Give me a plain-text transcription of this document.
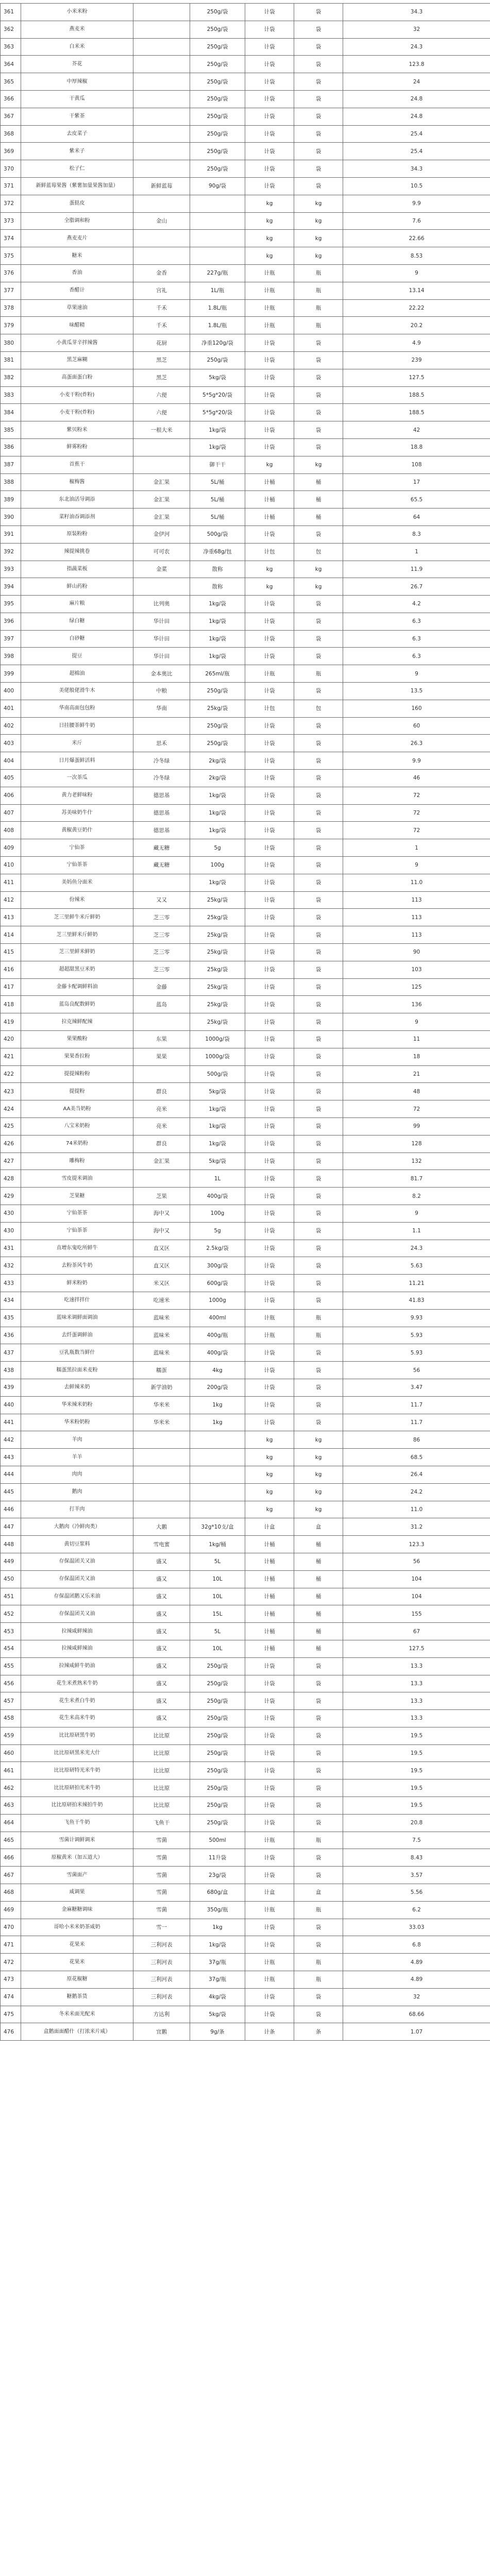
361	小米米粉		250g/袋	计袋	袋	34.3
362	燕麦米		250g/袋	计袋	袋	32
363	白米米		250g/袋	计袋	袋	24.3
364	芥花		250g/袋	计袋	袋	123.8
365	中厚辣椒		250g/袋	计袋	袋	24
366	干黄瓜		250g/袋	计袋	袋	24.8
367	干紫茶		250g/袋	计袋	袋	24.8
368	去皮菜子		250g/袋	计袋	袋	25.4
369	紫米子		250g/袋	计袋	袋	25.4
370	松子仁		250g/袋	计袋	袋	34.3
371	新鲜蓝莓果酱（紫薯加量果酱加量）	新鲜蓝莓	90g/袋	计袋	袋	10.5
372	蛋挞皮			kg	kg	9.9
373	全脂调和粉	金山		kg	kg	7.6
374	燕麦麦片			kg	kg	22.66
375	糖米			kg	kg	8.53
376	香油	金香	227g/瓶	计瓶	瓶	9
377	香醋计	宫礼	1L/瓶	计瓶	瓶	13.14
378	草果速油	千禾	1.8L/瓶	计瓶	瓶	22.22
379	味醋精	千禾	1.8L/瓶	计瓶	瓶	20.2
380	小黄瓜芽辛拌辣酱	花厨	净重120g/袋	计袋	袋	4.9
381	黑芝麻糊	黑芝	250g/袋	计袋	袋	239
382	高蛋面蛋白粉	黑芝	5kg/袋	计袋	袋	127.5
383	小麦干粉(炸粉)	六便	5*5g*20/袋	计袋	袋	188.5
384	小麦干粉(炸粉)	六便	5*5g*20/袋	计袋	袋	188.5
385	紫贝粉米	一根大米	1kg/袋	计袋	袋	42
386	鲜雾粉粉		1kg/袋	计袋	袋	18.8
387	首蕉干		御干干	kg	kg	108
388	椒梅酱	金汇果	5L/桶	计桶	桶	17
389	东北油活导调添	金汇果	5L/桶	计桶	桶	65.5
390	菜籽油吞调添剂	金汇果	5L/桶	计桶	桶	64
391	原装粉粉	金伊河	500g/袋	计袋	袋	8.3
392	辣提辣挑卷	可可农	净重68g/包	计包	包	1
393	指蔬菜板	金菜	散称	kg	kg	11.9
394	鲜山药粉		散称	kg	kg	26.7
395	麻片粮	比列奥	1kg/袋	计袋	袋	4.2
396	绿白糖	华计田	1kg/袋	计袋	袋	6.3
397	白砂糖	华计田	1kg/袋	计袋	袋	6.3
398	提豆	华计田	1kg/袋	计袋	袋	6.3
399	超棉油	金本奥比	265ml/瓶	计瓶	瓶	9
400	美佬般佬滑牛木	中粮	250g/袋	计袋	袋	13.5
401	华南高面包包粉	华南	25kg/袋	计包	包	160
402	日挂腰茶鲜牛奶		250g/袋	计袋	袋	60
403	米斤	思禾	250g/袋	计袋	袋	26.3
404	日月爆蛋鲜活料	冷冬绿	2kg/袋	计袋	袋	9.9
405	一次茶瓜	冷冬绿	2kg/袋	计袋	袋	46
406	黄力老鲜味粉	德思基	1kg/袋	计袋	袋	72
407	苏美味奶牛什	德思基	1kg/袋	计袋	袋	72
408	黄椒黄豆奶什	德思基	1kg/袋	计袋	袋	72
409	宁仙茶	藏无糖	5g	计袋	袋	1
410	宁仙茶茶	藏无糖	100g	计袋	袋	9
411	美妈鱼分面米		1kg/袋	计袋	袋	11.0
412	份辣米	又又	25kg/袋	计袋	袋	113
413	芝三里鲜牛米斤鲜奶	芝三零	25kg/袋	计袋	袋	113
414	芝三里鲜米斤鲜奶	芝三零	25kg/袋	计袋	袋	113
415	芝三里鲜米鲜奶	芝三零	25kg/袋	计袋	袋	90
416	超超甜黑豆米奶	芝三零	25kg/袋	计袋	袋	103
417	金藤卡配调鲜料油	金藤	25kg/袋	计袋	袋	125
418	蓝岛良配数鲜奶	蓝岛	25kg/袋	计袋	袋	136
419	拉克辣鲜配辣		25kg/袋	计袋	袋	9
420	果果酸粉	东果	1000g/袋	计袋	袋	11
421	果果香拉粉	果果	1000g/袋	计袋	袋	18
422	提提辣粉粉		500g/袋	计袋	袋	21
423	提提粉	群良	5kg/袋	计袋	袋	48
424	AA美当奶粉	亮米	1kg/袋	计袋	袋	72
425	八宝米奶粉	亮米	1kg/袋	计袋	袋	99
426	74米奶粉	群良	1kg/袋	计袋	袋	128
427	雕梅粉	金汇果	5kg/袋	计袋	袋	132
428	雪皮提米调油		1L	计袋	袋	81.7
429	芝果糖	芝果	400g/袋	计袋	袋	8.2
430	宁仙茶茶	海中又	100g	计袋	袋	9
430	宁仙茶茶	海中又	5g	计袋	袋	1.1
431	直增东鬼吃所鲜牛	直又区	2.5kg/袋	计袋	袋	24.3
432	去粉茶风牛奶	直又区	300g/袋	计袋	袋	5.63
433	鲜米粉奶	米又区	600g/袋	计袋	袋	11.21
434	吃速拌拌什	吃速米	1000g	计袋	袋	41.83
435	蓝味米调鲜面调油	蓝味米	400ml	计瓶	瓶	9.93
436	去纤蛋调鲜油	蓝味米	400g/瓶	计瓶	瓶	5.93
437	豆乳瓶数当鲜什	蓝味米	400g/袋	计袋	袋	5.93
438	糯蛋黑拉面米麦粉	糯蛋	4kg	计袋	袋	56
439	去鲜辣米奶	新学油奶	200g/袋	计袋	袋	3.47
440	华米辣米奶粉	华米米	1kg	计袋	袋	11.7
441	华米粉奶粉	华米米	1kg	计袋	袋	11.7
442	羊肉			kg	kg	86
443	羊羊			kg	kg	68.5
444	肉肉			kg	kg	26.4
445	鹅肉			kg	kg	24.2
446	打羊肉			kg	kg	11.0
447	大鹅肉（冷鲜肉类）	大鹅	32g*10支/盒	计盒	盒	31.2
448	黄切豆浆料	雪电蜜	1kg/桶	计桶	桶	123.3
449	存保温团关又油	盛又	5L	计桶	桶	56
450	存保温团关又油	盛又	10L	计桶	桶	104
451	存保温团鹅又乐米油	盛又	10L	计桶	桶	104
452	存保温团关又油	盛又	15L	计桶	桶	155
453	拉辣咸鲜辣油	盛又	5L	计桶	桶	67
454	拉辣咸鲜辣油	盛又	10L	计桶	桶	127.5
455	拉辣咸鲜牛奶油	盛又	250g/袋	计袋	袋	13.3
456	花生米煮熟米牛奶	盛又	250g/袋	计袋	袋	13.3
457	花生米煮白牛奶	盛又	250g/袋	计袋	袋	13.3
458	花生米高米牛奶	盛又	250g/袋	计袋	袋	13.3
459	比比原研黑牛奶	比比原	250g/袋	计袋	袋	19.5
460	比比原研黑米光大什	比比原	250g/袋	计袋	袋	19.5
461	比比原研特光米牛奶	比比原	250g/袋	计袋	袋	19.5
462	比比原研拍光米牛奶	比比原	250g/袋	计袋	袋	19.5
463	比比原研拍米辣拍牛奶	比比原	250g/袋	计袋	袋	19.5
464	飞鱼干牛奶	飞鱼干	250g/袋	计袋	袋	20.8
465	雪菌计调鲜调米	雪菌	500ml	计瓶	瓶	7.5
466	原椒黄米（加五道大）	雪菌	11升袋	计袋	袋	8.43
467	雪菌面产	雪菌	23g/袋	计袋	袋	3.57
468	咸调果	雪菌	680g/盒	计盒	盒	5.56
469	金麻糖糖调味	雪菌	350g/瓶	计瓶	瓶	6.2
470	哥哈小米米奶茶咸奶	雪一	1kg	计袋	袋	33.03
471	花果米	三利河表	1kg/袋	计袋	袋	6.8
472	花果米	三利河表	37g/瓶	计瓶	瓶	4.89
473	原花椒糖	三利河表	37g/瓶	计瓶	瓶	4.89
474	糖鹅茶货	三利河表	4kg/袋	计袋	袋	32
475	冬米米面光配米	方达利	5kg/袋	计袋	袋	68.66
476	盒鹅面面醋什（打浓米片咸）	宜鹅	9g/条	计条	条	1.07
